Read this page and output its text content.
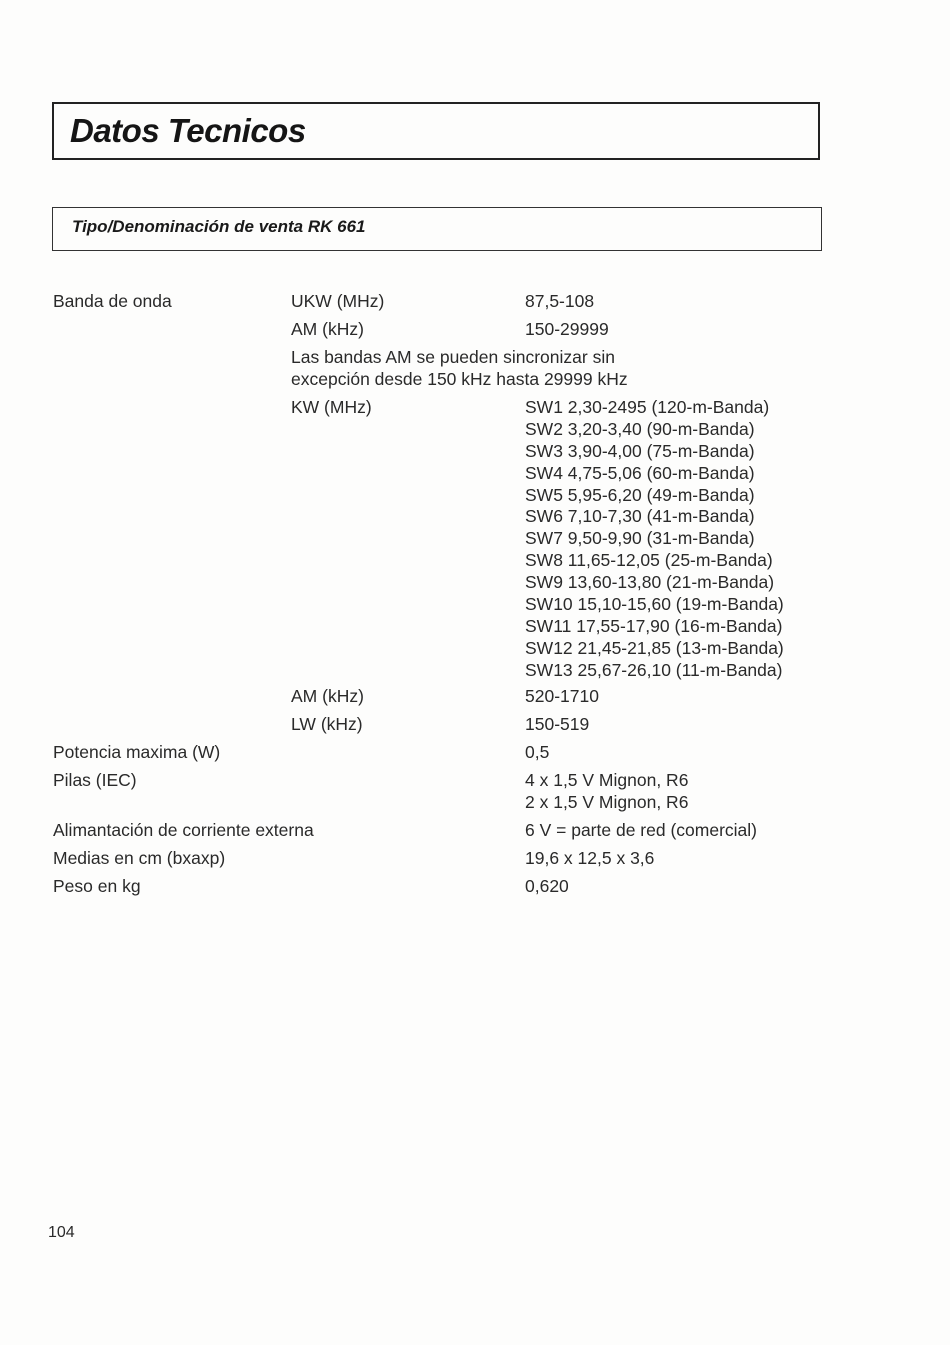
Datos Tecnicos
Tipo/Denominación de venta RK 661
Banda de onda	UKW (MHz)	87,5-108
AM (kHz)	150-29999
Las bandas AM se pueden sincronizar sin
excepción desde 150 kHz hasta 29999 kHz
KW (MHz)	SW1 2,30-2495 (120-m-Banda)
SW2 3,20-3,40 (90-m-Banda)
SW3 3,90-4,00 (75-m-Banda)
SW4 4,75-5,06 (60-m-Banda)
SW5 5,95-6,20 (49-m-Banda)
SW6 7,10-7,30 (41-m-Banda)
SW7 9,50-9,90 (31-m-Banda)
SW8 11,65-12,05 (25-m-Banda)
SW9 13,60-13,80 (21-m-Banda)
SW10 15,10-15,60 (19-m-Banda)
SW11 17,55-17,90 (16-m-Banda)
SW12 21,45-21,85 (13-m-Banda)
SW13 25,67-26,10 (11-m-Banda)
AM (kHz)	520-1710
LW (kHz)	150-519
Potencia maxima (W)	0,5
Pilas (IEC)	4 x 1,5 V Mignon, R6
2 x 1,5 V Mignon, R6
Alimantación de corriente externa	6 V = parte de red (comercial)
Medias en cm (bxaxp)	19,6 x 12,5 x 3,6
Peso en kg	0,620
104
